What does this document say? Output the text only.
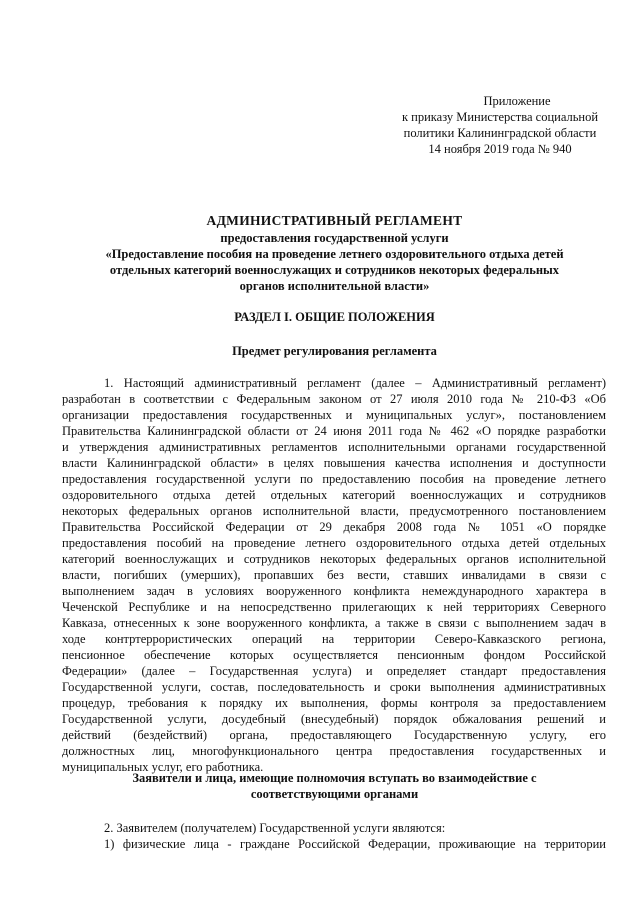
Приложение
к приказу Министерства социальной
политики Калининградской области
14 ноября 2019 года № 940
АДМИНИСТРАТИВНЫЙ РЕГЛАМЕНТ
предоставления государственной услуги
«Предоставление пособия на проведение летнего оздоровительного отдыха детей
отдельных категорий военнослужащих и сотрудников некоторых федеральных
органов исполнительной власти»
РАЗДЕЛ I. ОБЩИЕ ПОЛОЖЕНИЯ
Предмет регулирования регламента
1. Настоящий административный регламент (далее – Административный регламент)
разработан в соответствии с Федеральным законом от 27 июля 2010 года № 210-ФЗ «Об
организации предоставления государственных и муниципальных услуг», постановлением
Правительства Калининградской области от 24 июня 2011 года № 462 «О порядке разработки
и утверждения административных регламентов исполнительными органами государственной
власти Калининградской области» в целях повышения качества исполнения и доступности
предоставления государственной услуги по предоставлению пособия на проведение летнего
оздоровительного отдыха детей отдельных категорий военнослужащих и сотрудников
некоторых федеральных органов исполнительной власти, предусмотренного постановлением
Правительства Российской Федерации от 29 декабря 2008 года № 1051 «О порядке
предоставления пособий на проведение летнего оздоровительного отдыха детей отдельных
категорий военнослужащих и сотрудников некоторых федеральных органов исполнительной
власти, погибших (умерших), пропавших без вести, ставших инвалидами в связи с
выполнением задач в условиях вооруженного конфликта немеждународного характера в
Чеченской Республике и на непосредственно прилегающих к ней территориях Северного
Кавказа, отнесенных к зоне вооруженного конфликта, а также в связи с выполнением задач в
ходе контртеррористических операций на территории Северо-Кавказского региона,
пенсионное обеспечение которых осуществляется пенсионным фондом Российской
Федерации» (далее – Государственная услуга) и определяет стандарт предоставления
Государственной услуги, состав, последовательность и сроки выполнения административных
процедур, требования к порядку их выполнения, формы контроля за предоставлением
Государственной услуги, досудебный (внесудебный) порядок обжалования решений и
действий (бездействий) органа, предоставляющего Государственную услугу, его
должностных лиц, многофункционального центра предоставления государственных и
муниципальных услуг, его работника.
Заявители и лица, имеющие полномочия вступать во взаимодействие с
соответствующими органами
2. Заявителем (получателем) Государственной услуги являются:
1) физические лица - граждане Российской Федерации, проживающие на территории
